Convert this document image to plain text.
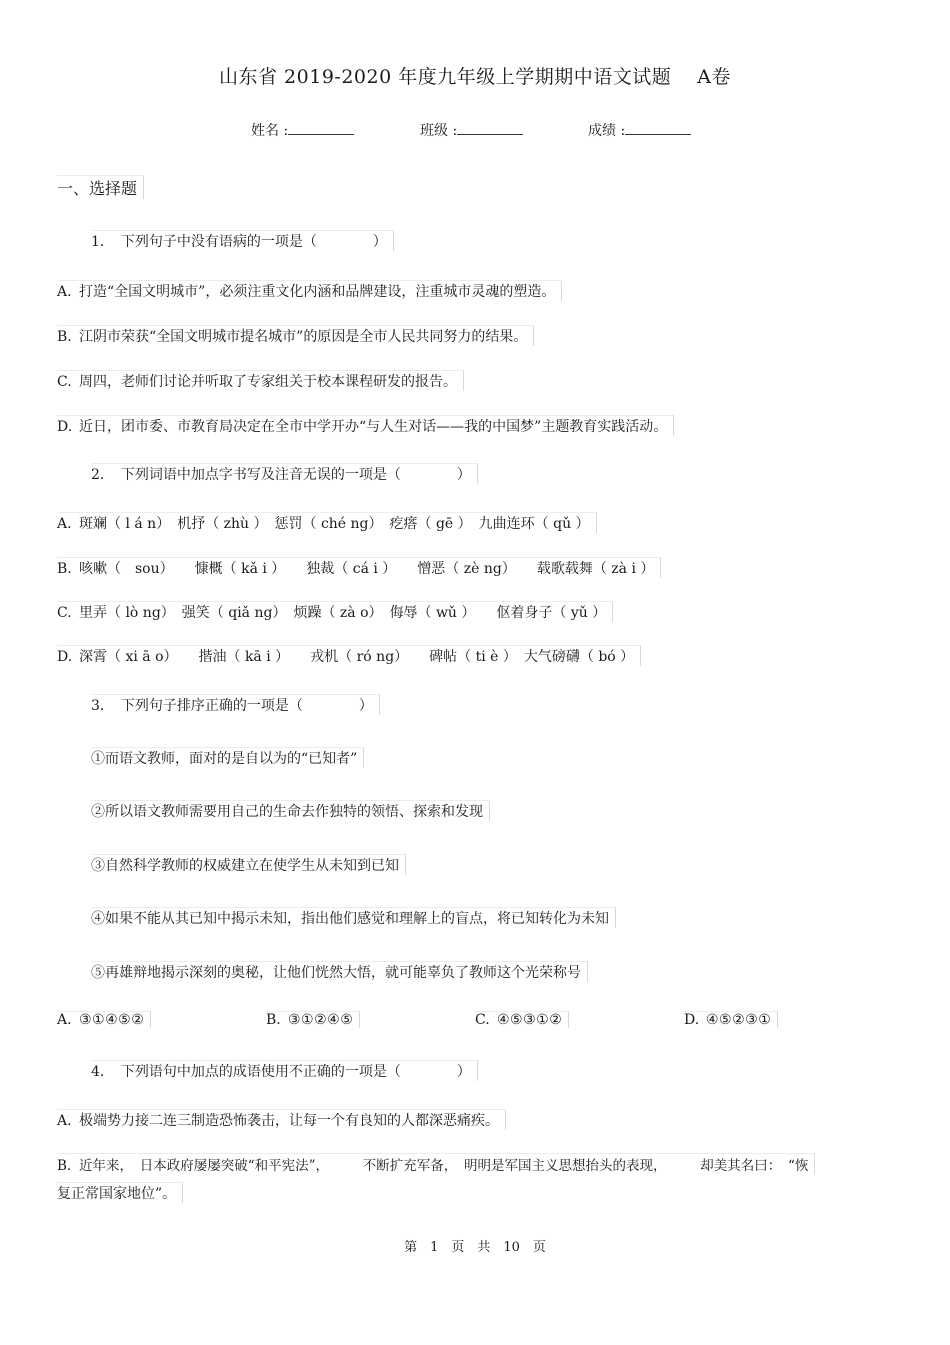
山东省 2019-2020 年度九年级上学期期中语文试题　 A卷
姓名 :	班级 :	成绩 :
一、选择题
1．　下列句子中没有语病的一项是（　　　　）
A. 打造“全国文明城市”，必须注重文化内涵和品牌建设，注重城市灵魂的塑造。
B. 江阴市荣获“全国文明城市提名城市”的原因是全市人民共同努力的结果。
C. 周四，老师们讨论并听取了专家组关于校本课程研发的报告。
D. 近日，团市委、市教育局决定在全市中学开办“与人生对话——我的中国梦”主题教育实践活动。
2．　下列词语中加点字书写及注音无误的一项是（　　　　）
A. 斑斓（ l á n）　机抒（ zhù ）　惩罚（ ché ng）　疙瘩（ gē ）　九曲连环（ qǔ ）
B. 咳嗽（　sou）　　慷概（ kǎ i ）　　独裁（ cá i ）　　憎恶（ zè ng）　　载歌载舞（ zà i ）
C. 里弄（ lò ng）　强笑（ qiǎ ng）　烦躁（ zà o）　侮辱（ wǔ ）　　伛着身子（ yǔ ）
D. 深霄（ xi ā o）　　揩油（ kā i ）　　戎机（ ró ng）　　碑帖（ ti è ）　大气磅礴（ bó ）
3．　下列句子排序正确的一项是（　　　　）
①而语文教师，面对的是自以为的“已知者”
②所以语文教师需要用自己的生命去作独特的领悟、探索和发现
③自然科学教师的权威建立在使学生从未知到已知
④如果不能从其已知中揭示未知，指出他们感觉和理解上的盲点，将已知转化为未知
⑤再雄辩地揭示深刻的奥秘，让他们恍然大悟，就可能辜负了教师这个光荣称号
A. ③①④⑤②	B. ③①②④⑤	C. ④⑤③①②	D. ④⑤②③①
4．　下列语句中加点的成语使用不正确的一项是（　　　　）
A. 极端势力接二连三制造恐怖袭击，让每一个有良知的人都深恶痛疾。
B. 近年来，　日本政府屡屡突破“和平宪法”，　　　不断扩充军备，　明明是军国主义思想抬头的表现，　　　却美其名曰：　“恢
复正常国家地位”。
第　1　页　共　10　页
